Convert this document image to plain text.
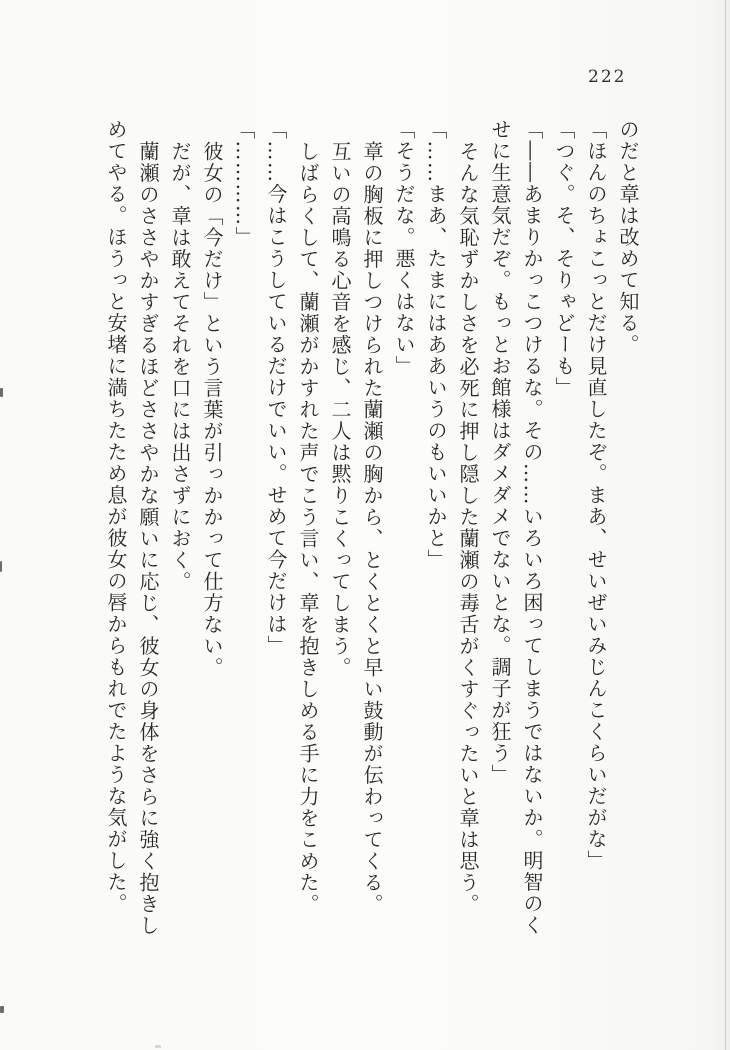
222

のだと章は改めて知る。

「ほんのちょこっとだけ見直したぞ。まあ、せいぜいみじんこくらいだがな」

「つぐ。そ、そりゃどーも」

「――あまりかっこつけるな。その……いろいろ困ってしまうではないか。明智のくせに生意気だぞ。もっとお館様はダメダメでないとな。調子が狂う」

そんな気恥ずかしさを必死に押し隠した蘭瀬の毒舌がくすぐったいと章は思う。

「……まあ、たまにはああいうのもいいかと」

「そうだな。悪くはない」

章の胸板に押しつけられた蘭瀬の胸から、とくとくと早い鼓動が伝わってくる。

互いの高鳴る心音を感じ、二人は黙りこくってしまう。

しばらくして、蘭瀬がかすれた声でこう言い、章を抱きしめる手に力をこめた。

「……今はこうしているだけでいい。せめて今だけは」

「…………」

彼女の「今だけ」という言葉が引っかかって仕方ない。

だが、章は敢えてそれを口には出さずにおく。

蘭瀬のささやかすぎるほどささやかな願いに応じ、彼女の身体をさらに強く抱きしめてやる。ほうっと安堵に満ちたため息が彼女の唇からもれでたような気がした。
